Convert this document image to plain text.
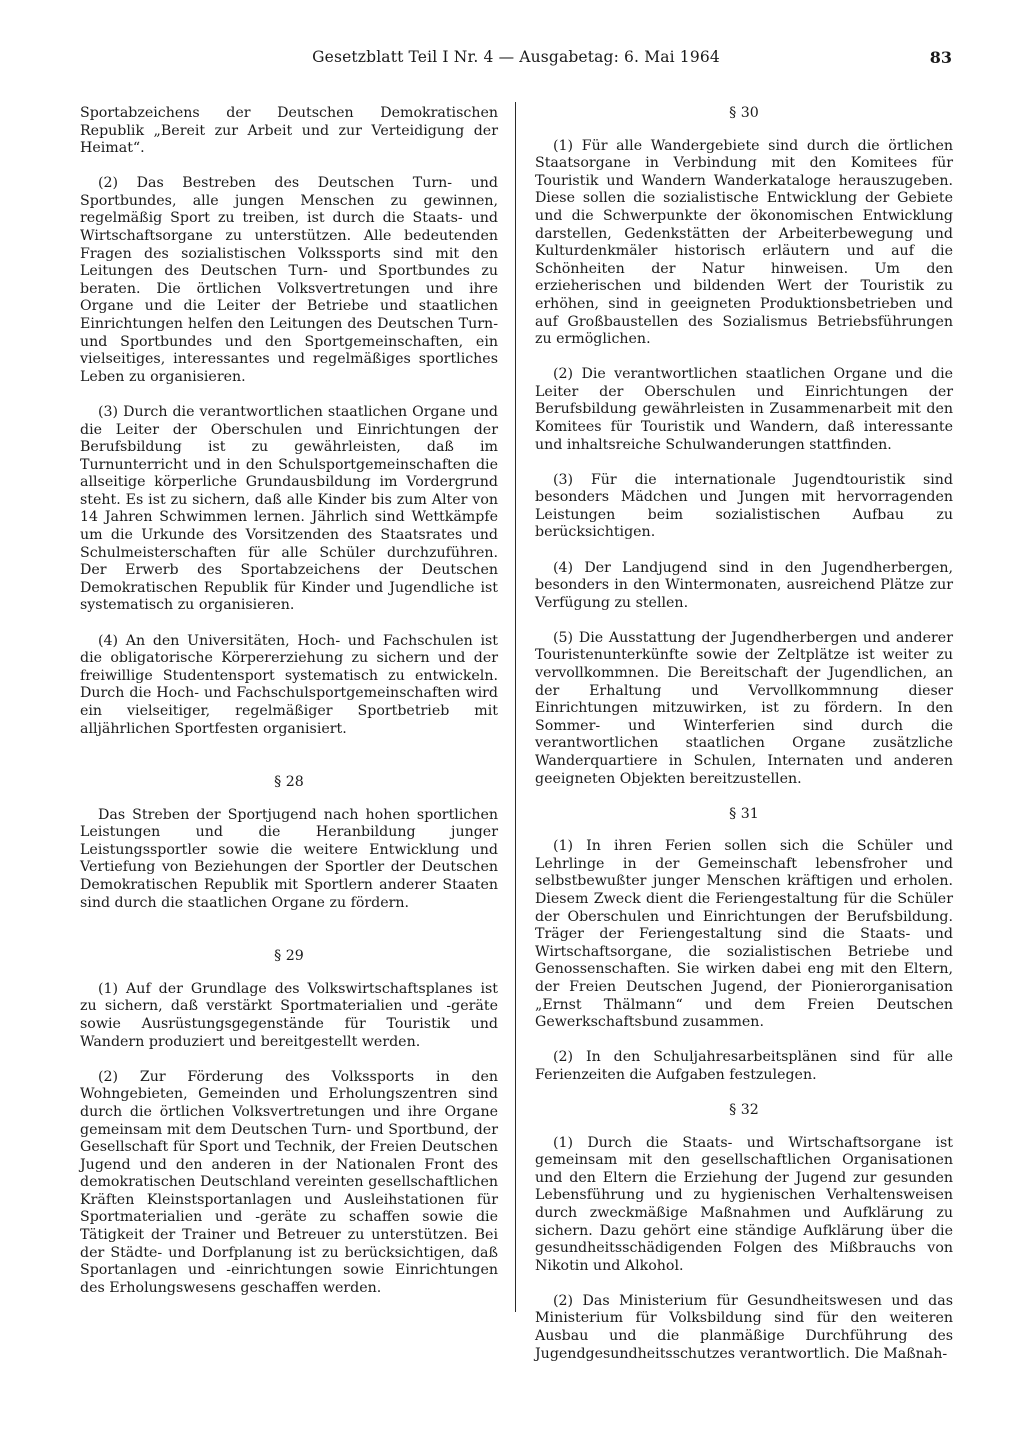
Gesetzblatt Teil I Nr. 4 — Ausgabetag: 6. Mai 1964	83

Sportabzeichens der Deutschen Demokratischen Republik „Bereit zur Arbeit und zur Verteidigung der Heimat“.

(2) Das Bestreben des Deutschen Turn- und Sportbundes, alle jungen Menschen zu gewinnen, regelmäßig Sport zu treiben, ist durch die Staats- und Wirtschaftsorgane zu unterstützen. Alle bedeutenden Fragen des sozialistischen Volkssports sind mit den Leitungen des Deutschen Turn- und Sportbundes zu beraten. Die örtlichen Volksvertretungen und ihre Organe und die Leiter der Betriebe und staatlichen Einrichtungen helfen den Leitungen des Deutschen Turn- und Sportbundes und den Sportgemeinschaften, ein vielseitiges, interessantes und regelmäßiges sportliches Leben zu organisieren.

(3) Durch die verantwortlichen staatlichen Organe und die Leiter der Oberschulen und Einrichtungen der Berufsbildung ist zu gewährleisten, daß im Turnunterricht und in den Schulsportgemeinschaften die allseitige körperliche Grundausbildung im Vordergrund steht. Es ist zu sichern, daß alle Kinder bis zum Alter von 14 Jahren Schwimmen lernen. Jährlich sind Wettkämpfe um die Urkunde des Vorsitzenden des Staatsrates und Schulmeisterschaften für alle Schüler durchzuführen. Der Erwerb des Sportabzeichens der Deutschen Demokratischen Republik für Kinder und Jugendliche ist systematisch zu organisieren.

(4) An den Universitäten, Hoch- und Fachschulen ist die obligatorische Körpererziehung zu sichern und der freiwillige Studentensport systematisch zu entwickeln. Durch die Hoch- und Fachschulsportgemeinschaften wird ein vielseitiger, regelmäßiger Sportbetrieb mit alljährlichen Sportfesten organisiert.

§ 28

Das Streben der Sportjugend nach hohen sportlichen Leistungen und die Heranbildung junger Leistungssportler sowie die weitere Entwicklung und Vertiefung von Beziehungen der Sportler der Deutschen Demokratischen Republik mit Sportlern anderer Staaten sind durch die staatlichen Organe zu fördern.

§ 29

(1) Auf der Grundlage des Volkswirtschaftsplanes ist zu sichern, daß verstärkt Sportmaterialien und -geräte sowie Ausrüstungsgegenstände für Touristik und Wandern produziert und bereitgestellt werden.

(2) Zur Förderung des Volkssports in den Wohngebieten, Gemeinden und Erholungszentren sind durch die örtlichen Volksvertretungen und ihre Organe gemeinsam mit dem Deutschen Turn- und Sportbund, der Gesellschaft für Sport und Technik, der Freien Deutschen Jugend und den anderen in der Nationalen Front des demokratischen Deutschland vereinten gesellschaftlichen Kräften Kleinstsportanlagen und Ausleihstationen für Sportmaterialien und -geräte zu schaffen sowie die Tätigkeit der Trainer und Betreuer zu unterstützen. Bei der Städte- und Dorfplanung ist zu berücksichtigen, daß Sportanlagen und -einrichtungen sowie Einrichtungen des Erholungswesens geschaffen werden.

§ 30

(1) Für alle Wandergebiete sind durch die örtlichen Staatsorgane in Verbindung mit den Komitees für Touristik und Wandern Wanderkataloge herauszugeben. Diese sollen die sozialistische Entwicklung der Gebiete und die Schwerpunkte der ökonomischen Entwicklung darstellen, Gedenkstätten der Arbeiterbewegung und Kulturdenkmäler historisch erläutern und auf die Schönheiten der Natur hinweisen. Um den erzieherischen und bildenden Wert der Touristik zu erhöhen, sind in geeigneten Produktionsbetrieben und auf Großbaustellen des Sozialismus Betriebsführungen zu ermöglichen.

(2) Die verantwortlichen staatlichen Organe und die Leiter der Oberschulen und Einrichtungen der Berufsbildung gewährleisten in Zusammenarbeit mit den Komitees für Touristik und Wandern, daß interessante und inhaltsreiche Schulwanderungen stattfinden.

(3) Für die internationale Jugendtouristik sind besonders Mädchen und Jungen mit hervorragenden Leistungen beim sozialistischen Aufbau zu berücksichtigen.

(4) Der Landjugend sind in den Jugendherbergen, besonders in den Wintermonaten, ausreichend Plätze zur Verfügung zu stellen.

(5) Die Ausstattung der Jugendherbergen und anderer Touristenunterkünfte sowie der Zeltplätze ist weiter zu vervollkommnen. Die Bereitschaft der Jugendlichen, an der Erhaltung und Vervollkommnung dieser Einrichtungen mitzuwirken, ist zu fördern. In den Sommer- und Winterferien sind durch die verantwortlichen staatlichen Organe zusätzliche Wanderquartiere in Schulen, Internaten und anderen geeigneten Objekten bereitzustellen.

§ 31

(1) In ihren Ferien sollen sich die Schüler und Lehrlinge in der Gemeinschaft lebensfroher und selbstbewußter junger Menschen kräftigen und erholen. Diesem Zweck dient die Feriengestaltung für die Schüler der Oberschulen und Einrichtungen der Berufsbildung. Träger der Feriengestaltung sind die Staats- und Wirtschaftsorgane, die sozialistischen Betriebe und Genossenschaften. Sie wirken dabei eng mit den Eltern, der Freien Deutschen Jugend, der Pionierorganisation „Ernst Thälmann“ und dem Freien Deutschen Gewerkschaftsbund zusammen.

(2) In den Schuljahresarbeitsplänen sind für alle Ferienzeiten die Aufgaben festzulegen.

§ 32

(1) Durch die Staats- und Wirtschaftsorgane ist gemeinsam mit den gesellschaftlichen Organisationen und den Eltern die Erziehung der Jugend zur gesunden Lebensführung und zu hygienischen Verhaltensweisen durch zweckmäßige Maßnahmen und Aufklärung zu sichern. Dazu gehört eine ständige Aufklärung über die gesundheitsschädigenden Folgen des Mißbrauchs von Nikotin und Alkohol.

(2) Das Ministerium für Gesundheitswesen und das Ministerium für Volksbildung sind für den weiteren Ausbau und die planmäßige Durchführung des Jugendgesundheitsschutzes verantwortlich. Die Maßnah-
